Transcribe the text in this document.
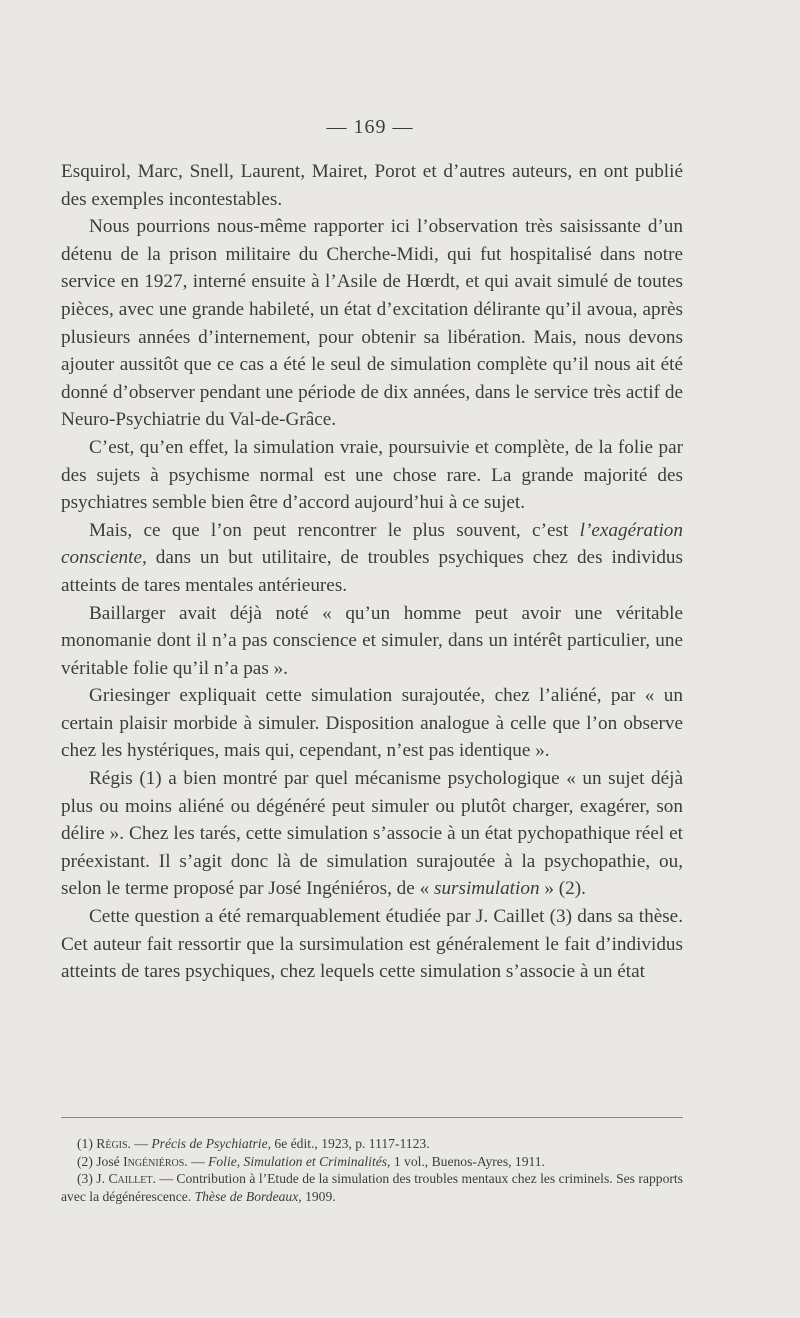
— 169 —

Esquirol, Marc, Snell, Laurent, Mairet, Porot et d’autres auteurs, en ont publié des exemples incontestables.

Nous pourrions nous-même rapporter ici l’observation très saisissante d’un détenu de la prison militaire du Cherche-Midi, qui fut hospitalisé dans notre service en 1927, interné ensuite à l’Asile de Hœrdt, et qui avait simulé de toutes pièces, avec une grande habileté, un état d’excitation délirante qu’il avoua, après plusieurs années d’internement, pour obtenir sa libération. Mais, nous devons ajouter aussitôt que ce cas a été le seul de simulation complète qu’il nous ait été donné d’observer pendant une période de dix années, dans le service très actif de Neuro-Psychiatrie du Val-de-Grâce.

C’est, qu’en effet, la simulation vraie, poursuivie et complète, de la folie par des sujets à psychisme normal est une chose rare. La grande majorité des psychiatres semble bien être d’accord aujourd’hui à ce sujet.

Mais, ce que l’on peut rencontrer le plus souvent, c’est l’exagération consciente, dans un but utilitaire, de troubles psychiques chez des individus atteints de tares mentales antérieures.

Baillarger avait déjà noté « qu’un homme peut avoir une véritable monomanie dont il n’a pas conscience et simuler, dans un intérêt particulier, une véritable folie qu’il n’a pas ».

Griesinger expliquait cette simulation surajoutée, chez l’aliéné, par « un certain plaisir morbide à simuler. Disposition analogue à celle que l’on observe chez les hystériques, mais qui, cependant, n’est pas identique ».

Régis (1) a bien montré par quel mécanisme psychologique « un sujet déjà plus ou moins aliéné ou dégénéré peut simuler ou plutôt charger, exagérer, son délire ». Chez les tarés, cette simulation s’associe à un état pychopathique réel et préexistant. Il s’agit donc là de simulation surajoutée à la psychopathie, ou, selon le terme proposé par José Ingéniéros, de « sursimulation » (2).

Cette question a été remarquablement étudiée par J. Caillet (3) dans sa thèse. Cet auteur fait ressortir que la sursimulation est généralement le fait d’individus atteints de tares psychiques, chez lequels cette simulation s’associe à un état

(1) Régis. — Précis de Psychiatrie, 6e édit., 1923, p. 1117-1123.

(2) José Ingéniéros. — Folie, Simulation et Criminalités, 1 vol., Buenos-Ayres, 1911.

(3) J. Caillet. — Contribution à l’Etude de la simulation des troubles mentaux chez les criminels. Ses rapports avec la dégénérescence. Thèse de Bordeaux, 1909.
